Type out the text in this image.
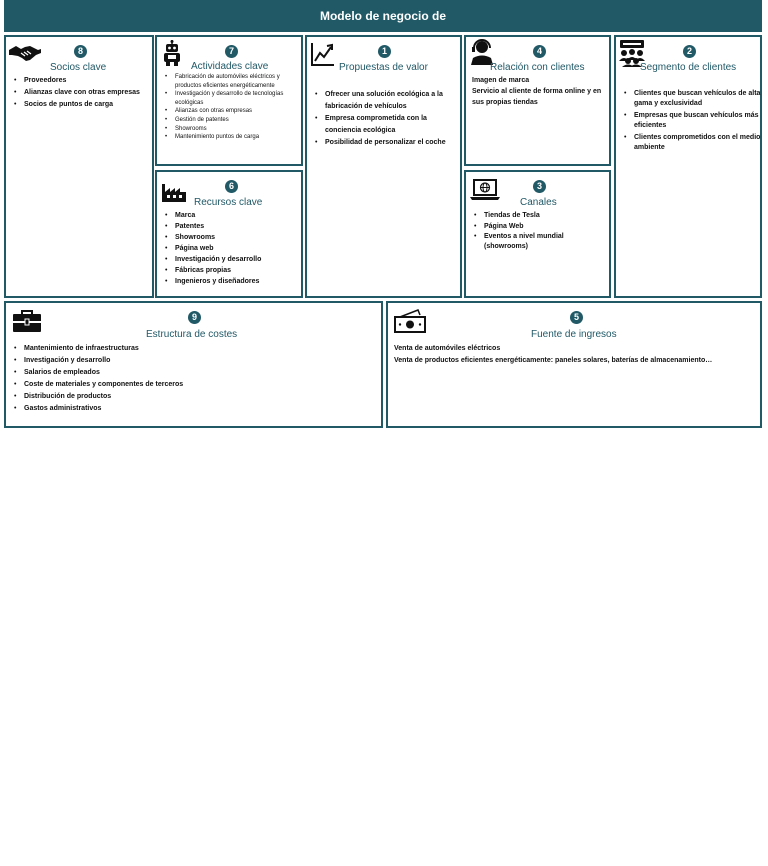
Modelo de negocio de
8
Socios clave
• Proveedores
• Alianzas clave con otras empresas
• Socios de puntos de carga
7
Actividades clave
• Fabricación de automóviles eléctricos y productos eficientes energéticamente
• Investigación y desarrollo de tecnologías ecológicas
• Alianzas con otras empresas
• Gestión de patentes
• Showrooms
• Mantenimiento puntos de carga
6
Recursos clave
• Marca
• Patentes
• Showrooms
• Página web
• Investigación y desarrollo
• Fábricas propias
• Ingenieros y diseñadores
1
Propuestas de valor
• Ofrecer una solución ecológica a la fabricación de vehículos
• Empresa comprometida con la conciencia ecológica
• Posibilidad de personalizar el coche
4
Relación con clientes
Imagen de marca
Servicio al cliente de forma online y en sus propias tiendas
3
Canales
• Tiendas de Tesla
• Página Web
• Eventos a nivel mundial (showrooms)
2
Segmento de clientes
• Clientes que buscan vehículos de alta gama y exclusividad
• Empresas que buscan vehículos más eficientes
• Clientes comprometidos con el medio ambiente
9
Estructura de costes
• Mantenimiento de infraestructuras
• Investigación y desarrollo
• Salarios de empleados
• Coste de materiales y componentes de terceros
• Distribución de productos
• Gastos administrativos
5
Fuente de ingresos
Venta de automóviles eléctricos
Venta de productos eficientes energéticamente: paneles solares, baterías de almacenamiento…
